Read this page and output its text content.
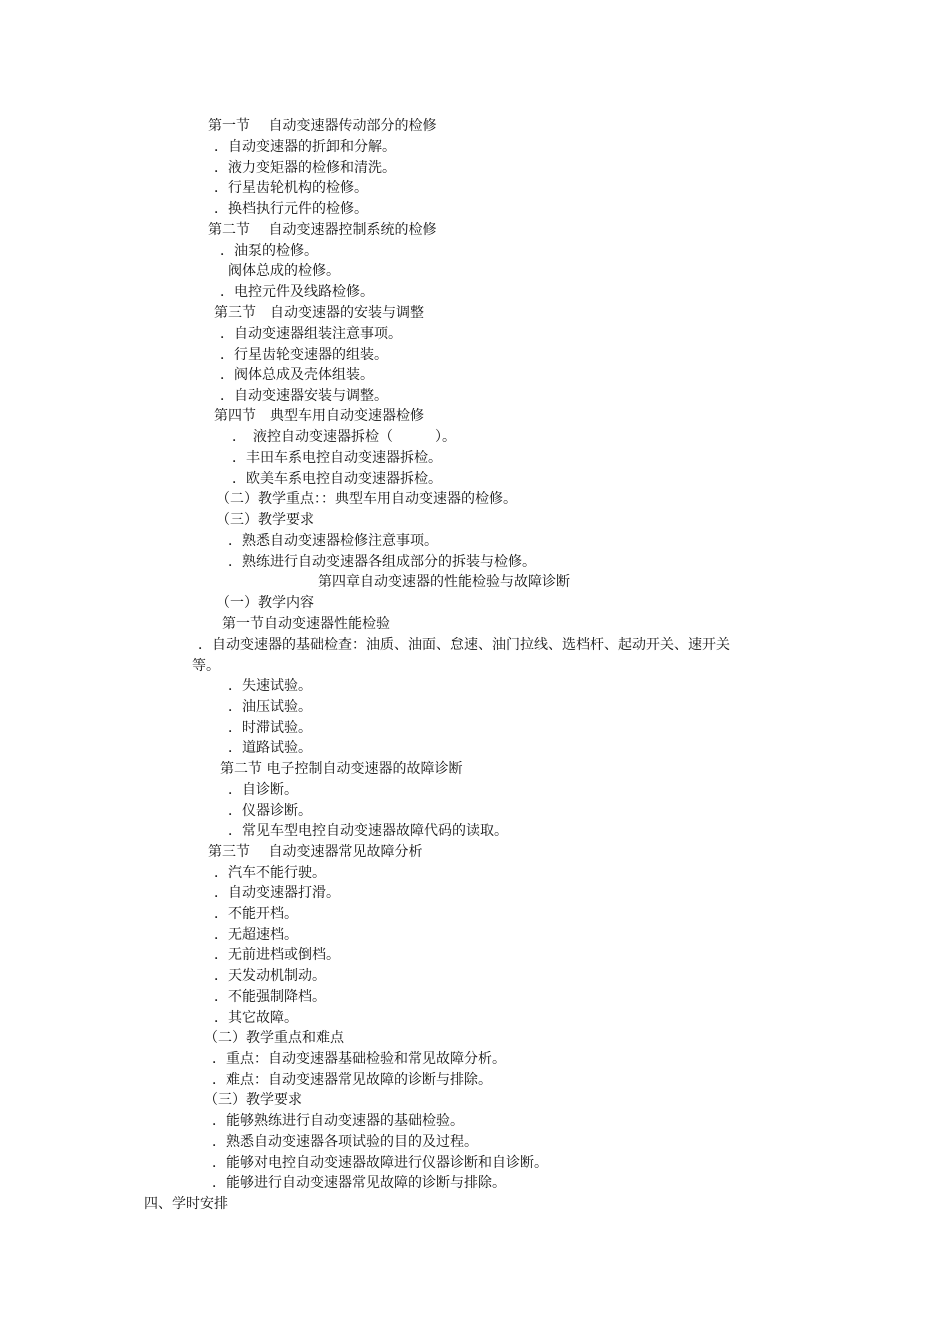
第一节　 自动变速器传动部分的检修
．自动变速器的折卸和分解。
．液力变矩器的检修和清洗。
．行星齿轮机构的检修。
．换档执行元件的检修。
第二节　 自动变速器控制系统的检修
．油泵的检修。
阀体总成的检修。
．电控元件及线路检修。
第三节　自动变速器的安装与调整
．自动变速器组装注意事项。
．行星齿轮变速器的组装。
．阀体总成及壳体组装。
．自动变速器安装与调整。
第四节　典型车用自动变速器检修
．　液控自动变速器拆检（　　　）。
．丰田车系电控自动变速器拆检。
．欧美车系电控自动变速器拆检。
（二）教学重点：：典型车用自动变速器的检修。
（三）教学要求
．熟悉自动变速器检修注意事项。
．熟练进行自动变速器各组成部分的拆装与检修。
第四章自动变速器的性能检验与故障诊断
（一）教学内容
第一节自动变速器性能检验
．自动变速器的基础检查：油质、油面、怠速、油门拉线、选档杆、起动开关、速开关
等。
．失速试验。
．油压试验。
．时滞试验。
．道路试验。
第二节 电子控制自动变速器的故障诊断
．自诊断。
．仪器诊断。
．常见车型电控自动变速器故障代码的读取。
第三节　 自动变速器常见故障分析
．汽车不能行驶。
．自动变速器打滑。
．不能开档。
．无超速档。
．无前进档或倒档。
．天发动机制动。
．不能强制降档。
．其它故障。
（二）教学重点和难点
．重点：自动变速器基础检验和常见故障分析。
．难点：自动变速器常见故障的诊断与排除。
（三）教学要求
．能够熟练进行自动变速器的基础检验。
．熟悉自动变速器各项试验的目的及过程。
．能够对电控自动变速器故障进行仪器诊断和自诊断。
．能够进行自动变速器常见故障的诊断与排除。
四、学时安排
